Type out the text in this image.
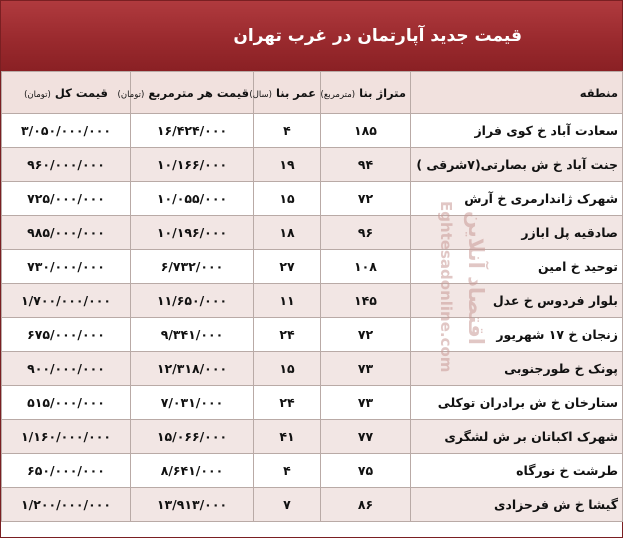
قیمت جدید آپارتمان در غرب تهران
منطقه	متراژ بنا (مترمربع)	عمر بنا (سال)	قیمت هر مترمربع (تومان)	قیمت کل (تومان)
سعادت آباد خ کوی فراز	۱۸۵	۴	۱۶/۴۲۴/۰۰۰	۳/۰۵۰/۰۰۰/۰۰۰
جنت آباد خ ش بصارتی(۷شرقی )	۹۴	۱۹	۱۰/۱۶۶/۰۰۰	۹۶۰/۰۰۰/۰۰۰
شهرک ژاندارمری خ آرش	۷۲	۱۵	۱۰/۰۵۵/۰۰۰	۷۲۵/۰۰۰/۰۰۰
صادقیه پل ابازر	۹۶	۱۸	۱۰/۱۹۶/۰۰۰	۹۸۵/۰۰۰/۰۰۰
توحید خ امین	۱۰۸	۲۷	۶/۷۳۲/۰۰۰	۷۳۰/۰۰۰/۰۰۰
بلوار فردوس خ عدل	۱۴۵	۱۱	۱۱/۶۵۰/۰۰۰	۱/۷۰۰/۰۰۰/۰۰۰
زنجان خ ۱۷ شهریور	۷۲	۲۴	۹/۳۴۱/۰۰۰	۶۷۵/۰۰۰/۰۰۰
پونک خ طورجنوبی	۷۳	۱۵	۱۲/۳۱۸/۰۰۰	۹۰۰/۰۰۰/۰۰۰
ستارخان خ ش برادران توکلی	۷۳	۲۴	۷/۰۳۱/۰۰۰	۵۱۵/۰۰۰/۰۰۰
شهرک اکباتان بر ش لشگری	۷۷	۴۱	۱۵/۰۶۶/۰۰۰	۱/۱۶۰/۰۰۰/۰۰۰
طرشت خ نورگاه	۷۵	۴	۸/۶۴۱/۰۰۰	۶۵۰/۰۰۰/۰۰۰
گیشا خ ش فرحزادی	۸۶	۷	۱۳/۹۱۳/۰۰۰	۱/۲۰۰/۰۰۰/۰۰۰
اقتصاد آنلاین
Eghtesadonline.com
